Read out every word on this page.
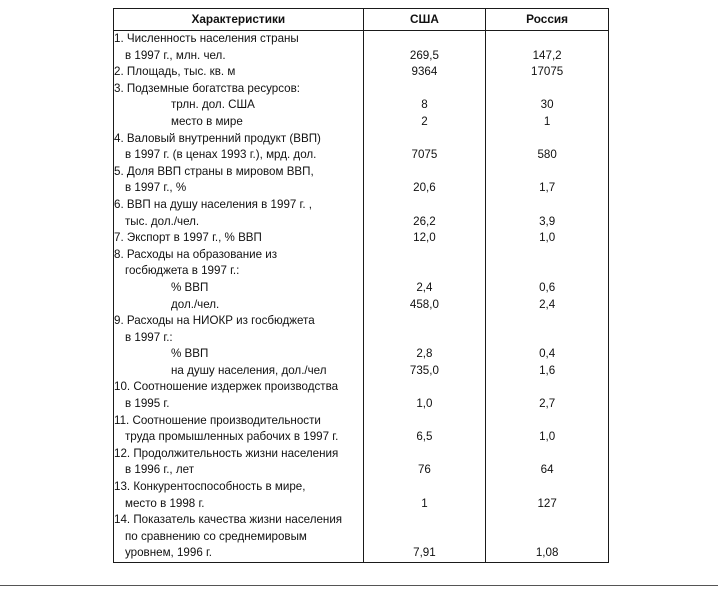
Характеристики	США	Россия

1. Численность населения страны
в 1997 г., млн. чел.	269,5	147,2

2. Площадь, тыс. кв. м	9364	17075

3. Подземные богатства ресурсов:		

трлн. дол. США	8	30

место в мире	2	1

4. Валовый внутренний продукт (ВВП)
в 1997 г. (в ценах 1993 г.), мрд. дол.	7075	580

5. Доля ВВП страны в мировом ВВП,
в 1997 г., %	20,6	1,7

6. ВВП на душу населения в 1997 г. ,
тыс. дол./чел.	26,2	3,9

7. Экспорт в 1997 г., % ВВП	12,0	1,0

8. Расходы на образование из
госбюджета в 1997 г.:		

% ВВП	2,4	0,6

дол./чел.	458,0	2,4

9. Расходы на НИОКР из госбюджета
в 1997 г.:		

% ВВП	2,8	0,4

на душу населения, дол./чел	735,0	1,6

10. Соотношение издержек производства
в 1995 г.	1,0	2,7

11. Соотношение производительности
труда промышленных рабочих в 1997 г.	6,5	1,0

12. Продолжительность жизни населения
в 1996 г., лет	76	64

13. Конкурентоспособность в мире,
место в 1998 г.	1	127

14. Показатель качества жизни населения
по сравнению со среднемировым
уровнем, 1996 г.	7,91	1,08
